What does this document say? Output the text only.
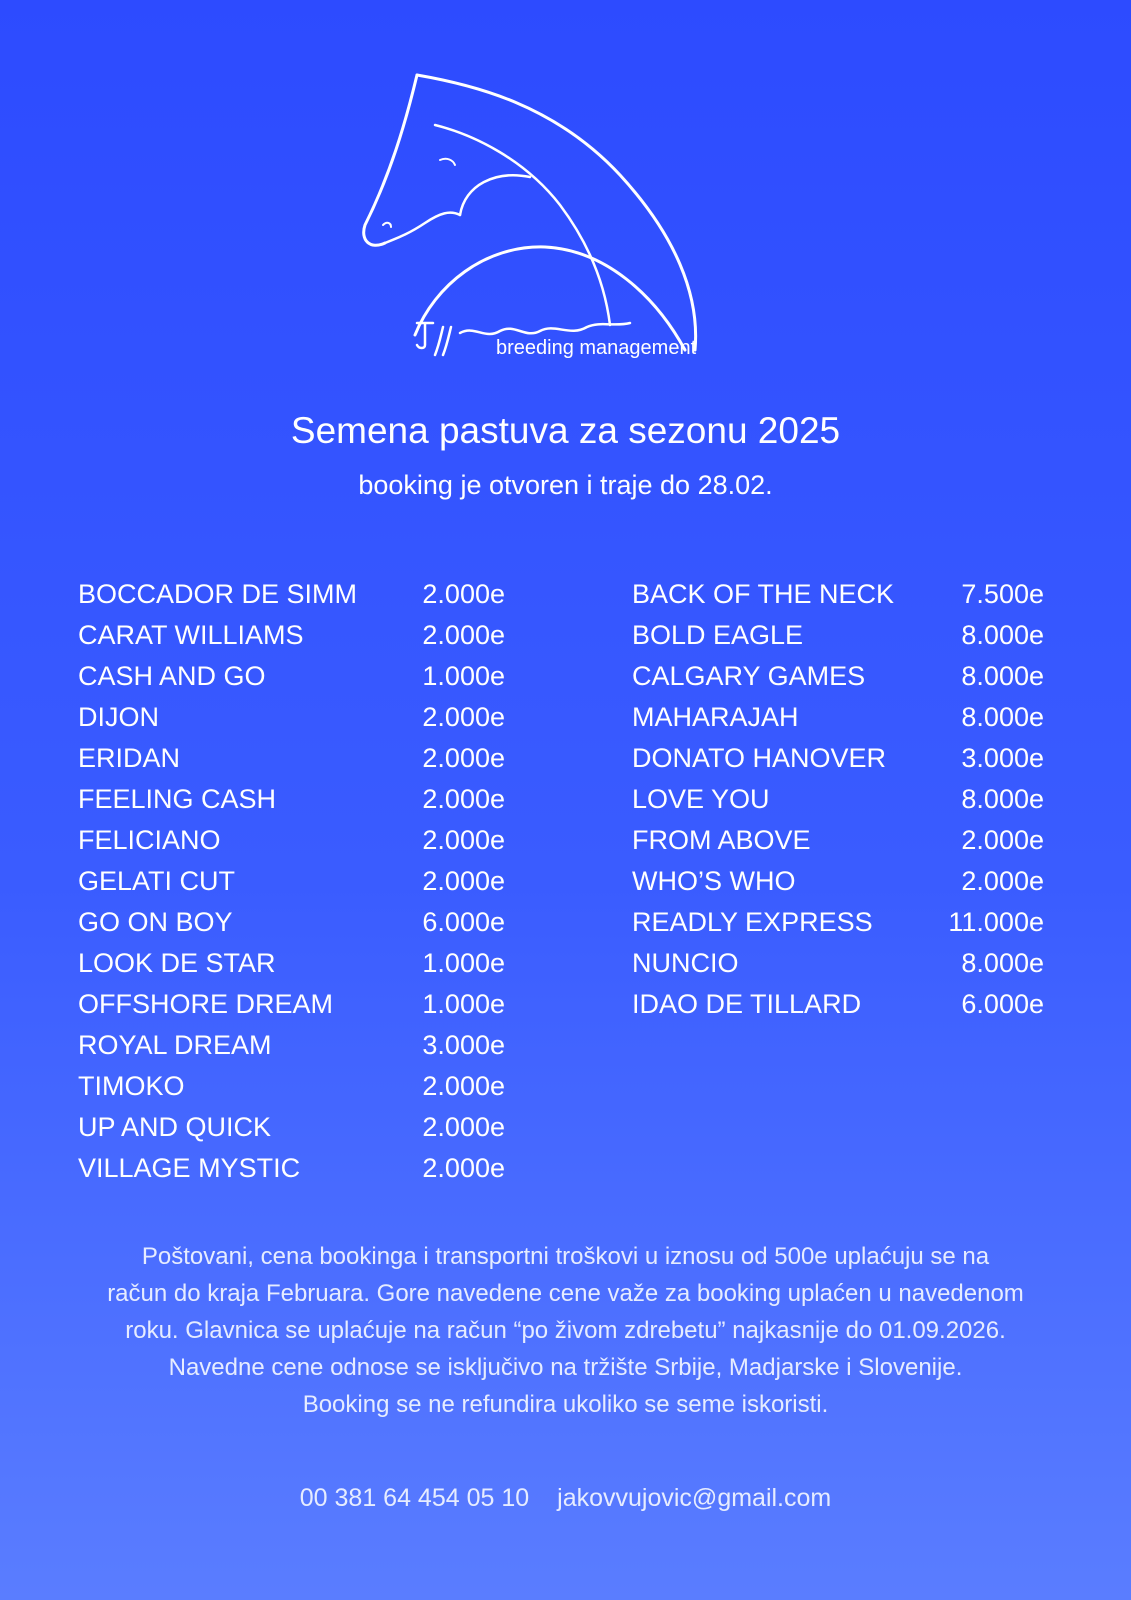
breeding management
Semena pastuva za sezonu 2025
booking je otvoren i traje do 28.02.
BOCCADOR DE SIMM 2.000e
CARAT WILLIAMS	2.000e
CASH AND GO	1.000e
DIJON	2.000e
ERIDAN	2.000e
FEELING CASH	2.000e
FELICIANO	2.000e
GELATI CUT	2.000e
GO ON BOY	6.000e
LOOK DE STAR	1.000e
OFFSHORE DREAM	1.000e
ROYAL DREAM	3.000e
TIMOKO	2.000e
UP AND QUICK	2.000e
VILLAGE MYSTIC	2.000e
BACK OF THE NECK 7.500e
BOLD EAGLE	8.000e
CALGARY GAMES	8.000e
MAHARAJAH	8.000e
DONATO HANOVER	3.000e
LOVE YOU	8.000e
FROM ABOVE	2.000e
WHO’S WHO	2.000e
READLY EXPRESS	11.000e
NUNCIO	8.000e
IDAO DE TILLARD	6.000e

Poštovani, cena bookinga i transportni troškovi u iznosu od 500e uplaćuju se na

račun do kraja Februara. Gore navedene cene važe za booking uplaćen u navedenom

roku. Glavnica se uplaćuje na račun “po živom zdrebetu” najkasnije do 01.09.2026.

Navedne cene odnose se isključivo na tržište Srbije, Madjarske i Slovenije.

Booking se ne refundira ukoliko se seme iskoristi.

00 381 64 454 05 10 jakovvujovic@gmail.com
